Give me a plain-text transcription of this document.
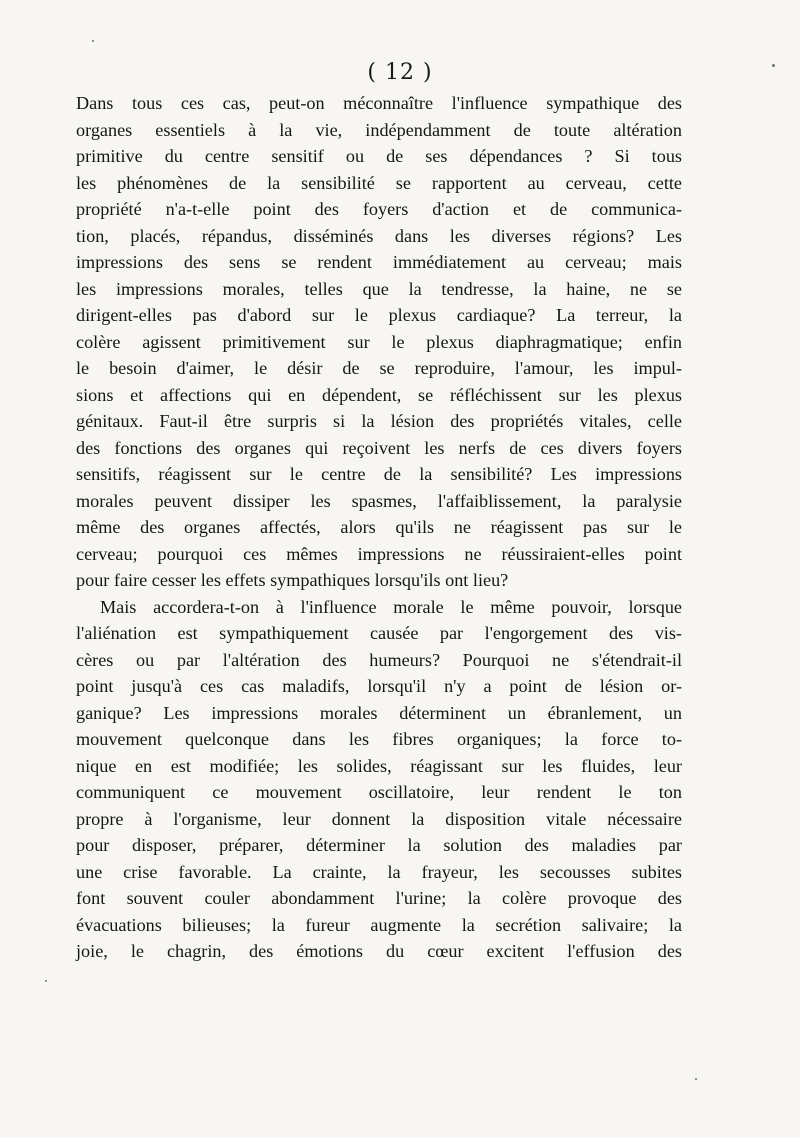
( 12 )
Dans tous ces cas, peut-on méconnaître l'influence sympathique des
organes essentiels à la vie, indépendamment de toute altération
primitive du centre sensitif ou de ses dépendances ? Si tous
les phénomènes de la sensibilité se rapportent au cerveau, cette
propriété n'a-t-elle point des foyers d'action et de communica-
tion, placés, répandus, disséminés dans les diverses régions? Les
impressions des sens se rendent immédiatement au cerveau; mais
les impressions morales, telles que la tendresse, la haine, ne se
dirigent-elles pas d'abord sur le plexus cardiaque? La terreur, la
colère agissent primitivement sur le plexus diaphragmatique; enfin
le besoin d'aimer, le désir de se reproduire, l'amour, les impul-
sions et affections qui en dépendent, se réfléchissent sur les plexus
génitaux. Faut-il être surpris si la lésion des propriétés vitales, celle
des fonctions des organes qui reçoivent les nerfs de ces divers foyers
sensitifs, réagissent sur le centre de la sensibilité? Les impressions
morales peuvent dissiper les spasmes, l'affaiblissement, la paralysie
même des organes affectés, alors qu'ils ne réagissent pas sur le
cerveau; pourquoi ces mêmes impressions ne réussiraient-elles point
pour faire cesser les effets sympathiques lorsqu'ils ont lieu?
Mais accordera-t-on à l'influence morale le même pouvoir, lorsque
l'aliénation est sympathiquement causée par l'engorgement des vis-
cères ou par l'altération des humeurs? Pourquoi ne s'étendrait-il
point jusqu'à ces cas maladifs, lorsqu'il n'y a point de lésion or-
ganique? Les impressions morales déterminent un ébranlement, un
mouvement quelconque dans les fibres organiques; la force to-
nique en est modifiée; les solides, réagissant sur les fluides, leur
communiquent ce mouvement oscillatoire, leur rendent le ton
propre à l'organisme, leur donnent la disposition vitale nécessaire
pour disposer, préparer, déterminer la solution des maladies par
une crise favorable. La crainte, la frayeur, les secousses subites
font souvent couler abondamment l'urine; la colère provoque des
évacuations bilieuses; la fureur augmente la secrétion salivaire; la
joie, le chagrin, des émotions du cœur excitent l'effusion des
